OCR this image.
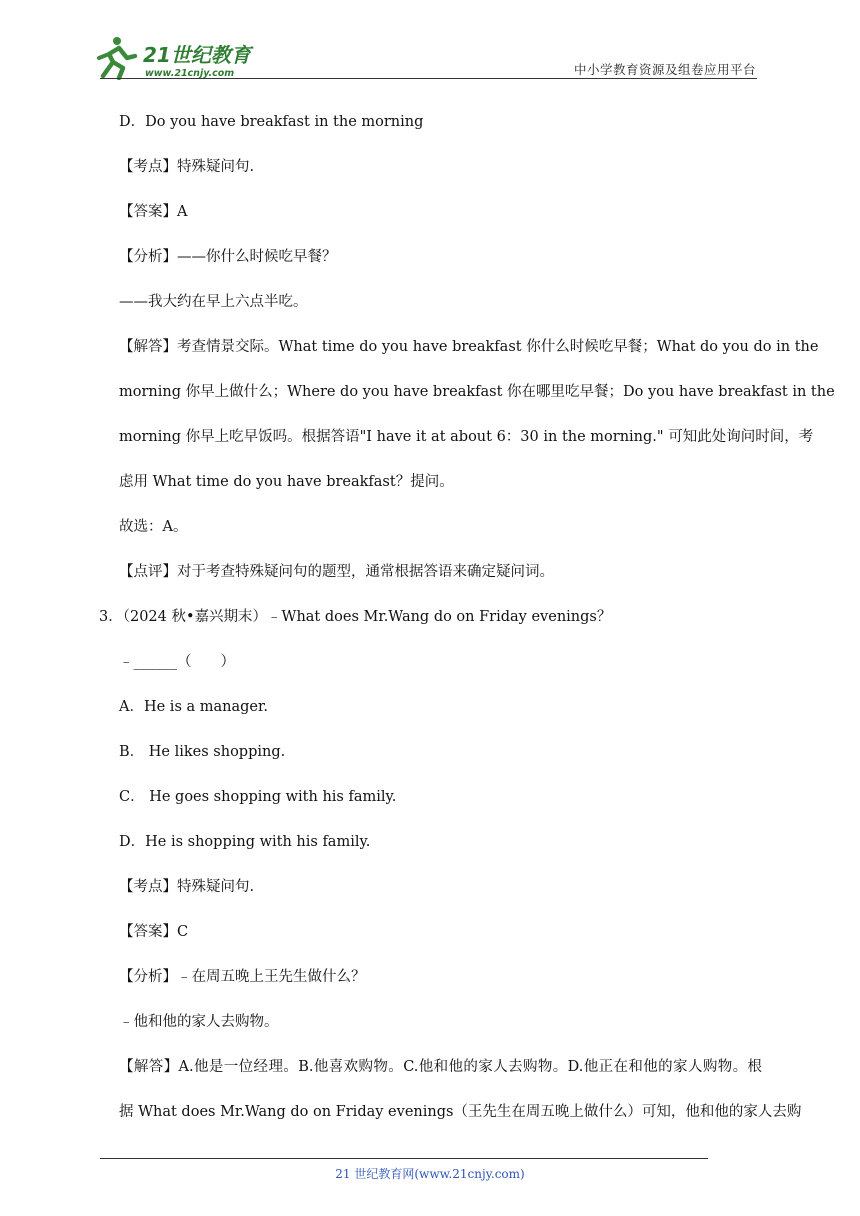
21世纪教育
www.21cnjy.com	中小学教育资源及组卷应用平台
D．Do you have breakfast in the morning
【考点】特殊疑问句.
【答案】A
【分析】——你什么时候吃早餐？
——我大约在早上六点半吃。
【解答】考查情景交际。What time do you have breakfast 你什么时候吃早餐；What do you do in the
morning 你早上做什么；Where do you have breakfast 你在哪里吃早餐；Do you have breakfast in the
morning 你早上吃早饭吗。根据答语"I have it at about 6：30 in the morning." 可知此处询问时间，考
虑用 What time do you have breakfast？提问。
故选：A。
【点评】对于考查特殊疑问句的题型，通常根据答语来确定疑问词。
3．（2024 秋•嘉兴期末）﹣What does Mr.Wang do on Friday evenings？
﹣______（　　）
A．He is a manager.
B． He likes shopping.
C． He goes shopping with his family.
D．He is shopping with his family.
【考点】特殊疑问句.
【答案】C
【分析】﹣在周五晚上王先生做什么？
﹣他和他的家人去购物。
【解答】A.他是一位经理。B.他喜欢购物。C.他和他的家人去购物。D.他正在和他的家人购物。根
据 What does Mr.Wang do on Friday evenings（王先生在周五晚上做什么）可知，他和他的家人去购
21 世纪教育网(www.21cnjy.com)
